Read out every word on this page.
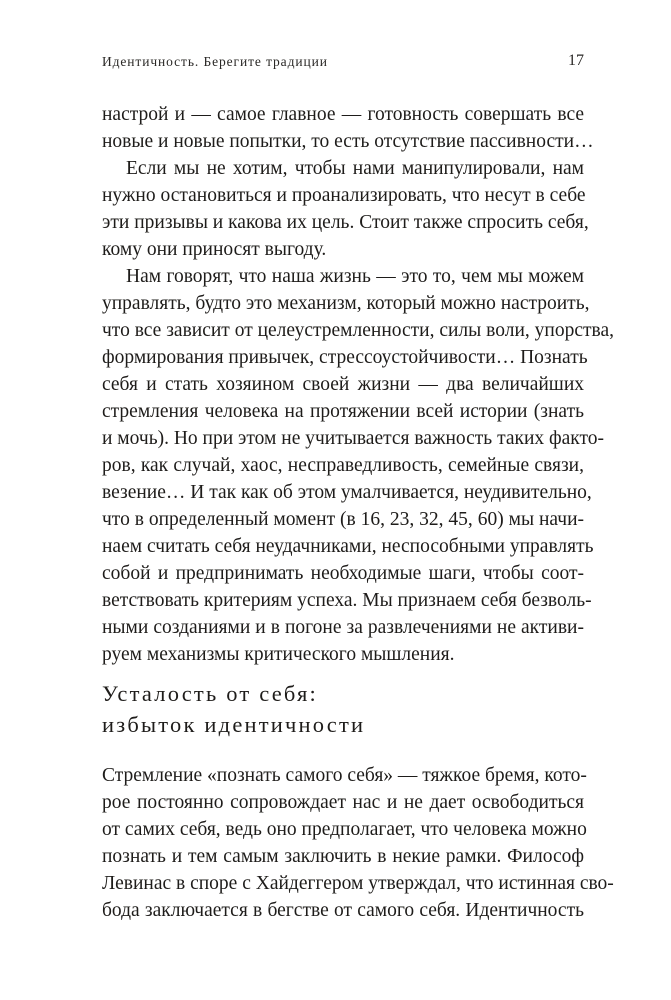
Идентичность. Берегите традиции	17
настрой и — самое главное — готовность совершать все
новые и новые попытки, то есть отсутствие пассивности…
Если мы не хотим, чтобы нами манипулировали, нам
нужно остановиться и проанализировать, что несут в себе
эти призывы и какова их цель. Стоит также спросить себя,
кому они приносят выгоду.
Нам говорят, что наша жизнь — это то, чем мы можем
управлять, будто это механизм, который можно настроить,
что все зависит от целеустремленности, силы воли, упорства,
формирования привычек, стрессоустойчивости… Познать
себя и стать хозяином своей жизни — два величайших
стремления человека на протяжении всей истории (знать
и мочь). Но при этом не учитывается важность таких факто-
ров, как случай, хаос, несправедливость, семейные связи,
везение… И так как об этом умалчивается, неудивительно,
что в определенный момент (в 16, 23, 32, 45, 60) мы начи-
наем считать себя неудачниками, неспособными управлять
собой и предпринимать необходимые шаги, чтобы соот-
ветствовать критериям успеха. Мы признаем себя безволь-
ными созданиями и в погоне за развлечениями не активи-
руем механизмы критического мышления.
Усталость от себя:
избыток идентичности
Стремление «познать самого себя» — тяжкое бремя, кото-
рое постоянно сопровождает нас и не дает освободиться
от самих себя, ведь оно предполагает, что человека можно
познать и тем самым заключить в некие рамки. Философ
Левинас в споре с Хайдеггером утверждал, что истинная сво-
бода заключается в бегстве от самого себя. Идентичность
